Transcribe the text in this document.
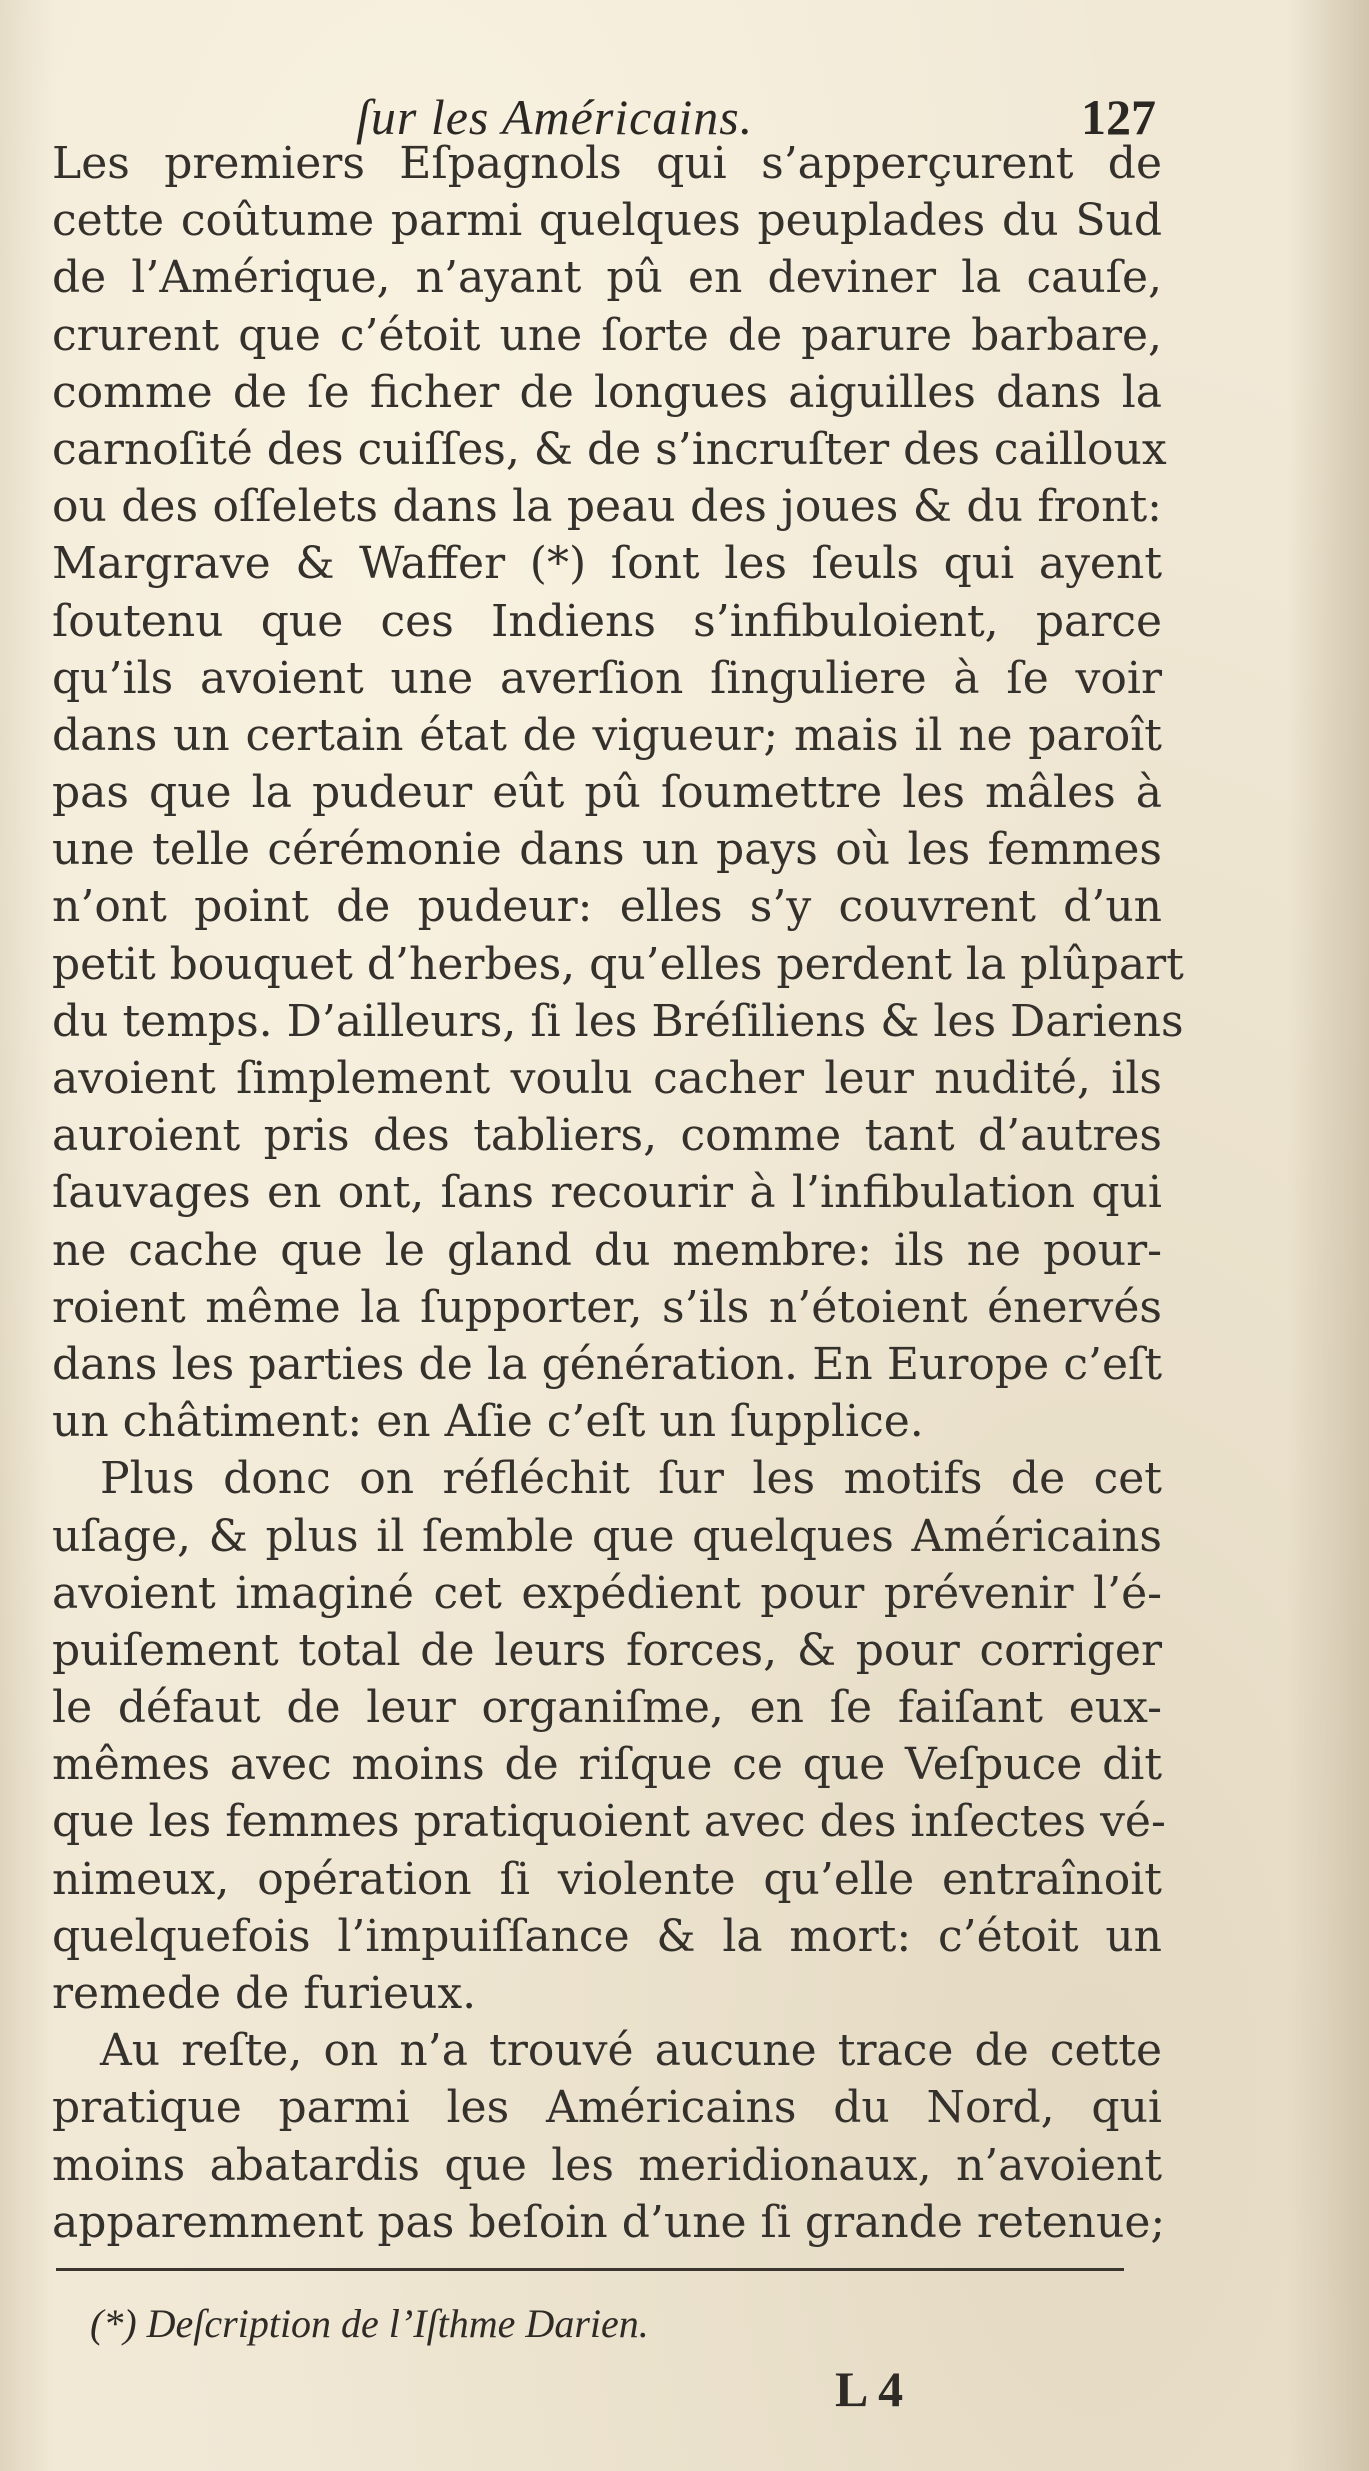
ſur les Américains.	127
Les premiers Eſpagnols qui s’apperçurent de
cette coûtume parmi quelques peuplades du Sud
de l’Amérique, n’ayant pû en deviner la cauſe,
crurent que c’étoit une ſorte de parure barbare,
comme de ſe ficher de longues aiguilles dans la
carnoſité des cuiſſes, & de s’incruſter des cailloux
ou des oſſelets dans la peau des joues & du front:
Margrave & Waffer (*) ſont les ſeuls qui ayent
ſoutenu que ces Indiens s’infibuloient, parce
qu’ils avoient une averſion ſinguliere à ſe voir
dans un certain état de vigueur; mais il ne paroît
pas que la pudeur eût pû ſoumettre les mâles à
une telle cérémonie dans un pays où les femmes
n’ont point de pudeur: elles s’y couvrent d’un
petit bouquet d’herbes, qu’elles perdent la plûpart
du temps. D’ailleurs, ſi les Bréſiliens & les Dariens
avoient ſimplement voulu cacher leur nudité, ils
auroient pris des tabliers, comme tant d’autres
ſauvages en ont, ſans recourir à l’infibulation qui
ne cache que le gland du membre: ils ne pour-
roient même la ſupporter, s’ils n’étoient énervés
dans les parties de la génération. En Europe c’eſt
un châtiment: en Aſie c’eſt un ſupplice.
Plus donc on réfléchit ſur les motifs de cet
uſage, & plus il ſemble que quelques Américains
avoient imaginé cet expédient pour prévenir l’é-
puiſement total de leurs forces, & pour corriger
le défaut de leur organiſme, en ſe faiſant eux-
mêmes avec moins de riſque ce que Veſpuce dit
que les femmes pratiquoient avec des inſectes vé-
nimeux, opération ſi violente qu’elle entraînoit
quelquefois l’impuiſſance & la mort: c’étoit un
remede de furieux.
Au reſte, on n’a trouvé aucune trace de cette
pratique parmi les Américains du Nord, qui
moins abatardis que les meridionaux, n’avoient
apparemment pas beſoin d’une ſi grande retenue;
(*) Deſcription de l’Iſthme Darien.
L 4
